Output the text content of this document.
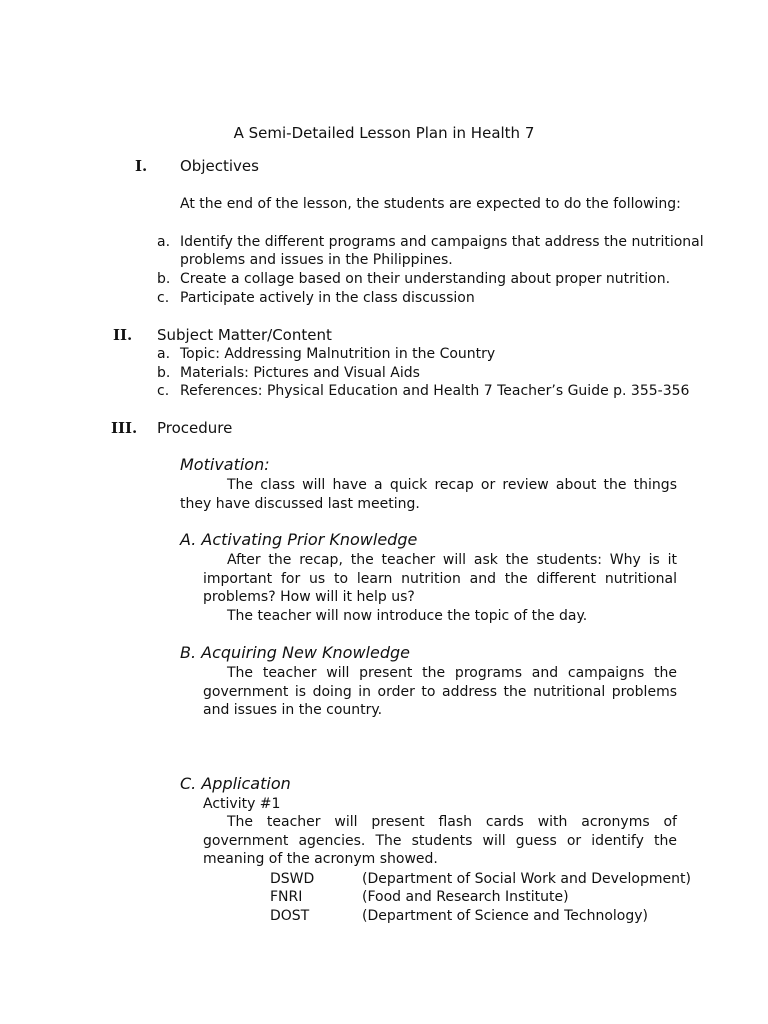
A Semi-Detailed Lesson Plan in Health 7
I. Objectives
At the end of the lesson, the students are expected to do the following:
a. Identify the different programs and campaigns that address the nutritional
problems and issues in the Philippines.
b. Create a collage based on their understanding about proper nutrition.
c. Participate actively in the class discussion
II. Subject Matter/Content
a. Topic: Addressing Malnutrition in the Country
b. Materials: Pictures and Visual Aids
c. References: Physical Education and Health 7 Teacher’s Guide p. 355-356
III. Procedure
Motivation:
The class will have a quick recap or review about the things they have discussed last meeting.
A. Activating Prior Knowledge
After the recap, the teacher will ask the students: Why is it important for us to learn nutrition and the different nutritional problems? How will it help us?
The teacher will now introduce the topic of the day.
B. Acquiring New Knowledge
The teacher will present the programs and campaigns the government is doing in order to address the nutritional problems and issues in the country.
C. Application
Activity #1
The teacher will present flash cards with acronyms of government agencies. The students will guess or identify the meaning of the acronym showed.
DSWD	(Department of Social Work and Development)
FNRI	(Food and Research Institute)
DOST	(Department of Science and Technology)
